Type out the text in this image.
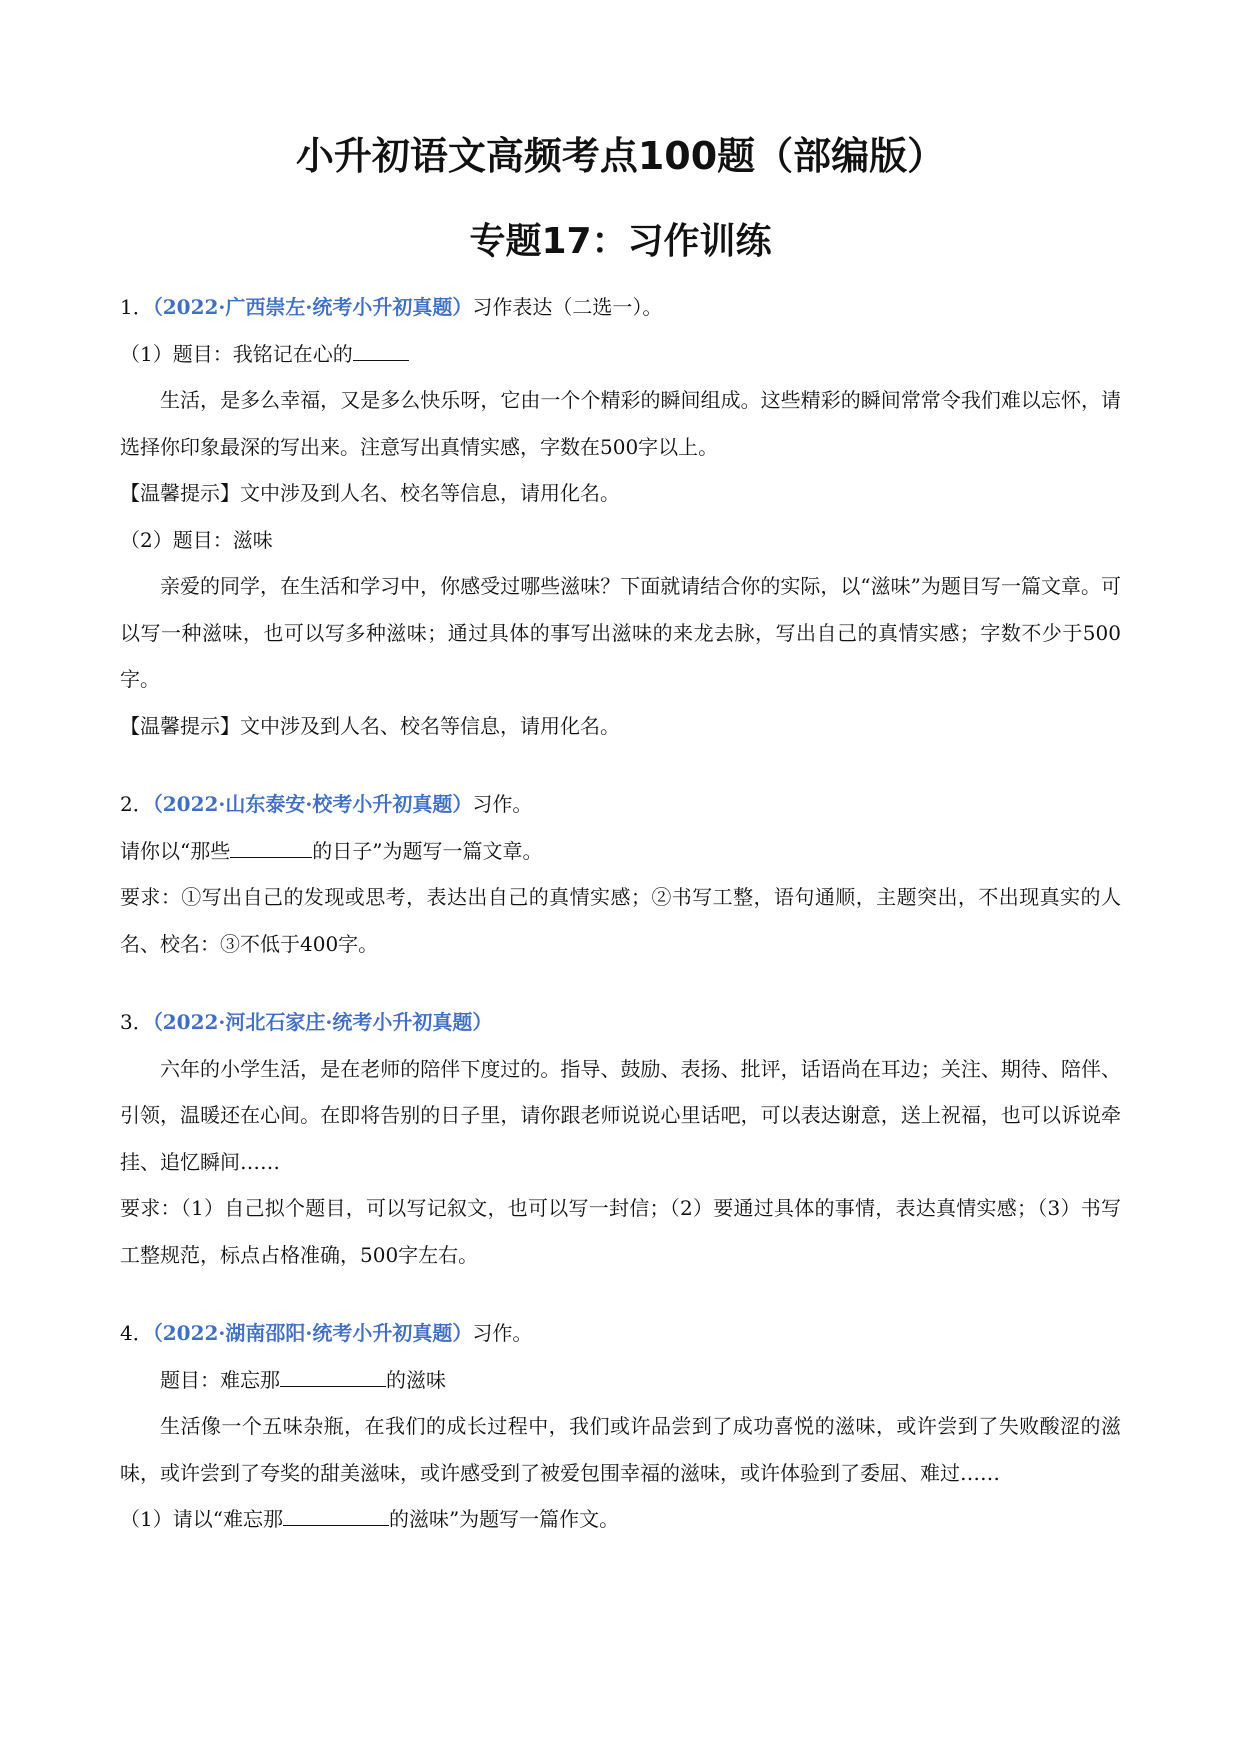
小升初语文高频考点100题（部编版）
专题17：习作训练
1．（2022·广西崇左·统考小升初真题）习作表达（二选一）。
（1）题目：我铭记在心的

生活，是多么幸福，又是多么快乐呀，它由一个个精彩的瞬间组成。这些精彩的瞬间常常令我们难以忘怀，请选择你印象最深的写出来。注意写出真情实感，字数在500字以上。

【温馨提示】文中涉及到人名、校名等信息，请用化名。
（2）题目：滋味

亲爱的同学，在生活和学习中，你感受过哪些滋味？下面就请结合你的实际，以“滋味”为题目写一篇文章。可以写一种滋味，也可以写多种滋味；通过具体的事写出滋味的来龙去脉，写出自己的真情实感；字数不少于500字。

【温馨提示】文中涉及到人名、校名等信息，请用化名。
2．（2022·山东泰安·校考小升初真题）习作。
请你以“那些	的日子”为题写一篇文章。

要求：①写出自己的发现或思考，表达出自己的真情实感；②书写工整，语句通顺，主题突出，不出现真实的人名、校名：③不低于400字。

3．（2022·河北石家庄·统考小升初真题）

六年的小学生活，是在老师的陪伴下度过的。指导、鼓励、表扬、批评，话语尚在耳边；关注、期待、陪伴、引领，温暖还在心间。在即将告别的日子里，请你跟老师说说心里话吧，可以表达谢意，送上祝福，也可以诉说牵挂、追忆瞬间……

要求：（1）自己拟个题目，可以写记叙文，也可以写一封信；（2）要通过具体的事情，表达真情实感；（3）书写工整规范，标点占格准确，500字左右。

4．（2022·湖南邵阳·统考小升初真题）习作。
题目：难忘那	的滋味

生活像一个五味杂瓶，在我们的成长过程中，我们或许品尝到了成功喜悦的滋味，或许尝到了失败酸涩的滋味，或许尝到了夸奖的甜美滋味，或许感受到了被爱包围幸福的滋味，或许体验到了委屈、难过……

（1）请以“难忘那	的滋味”为题写一篇作文。
